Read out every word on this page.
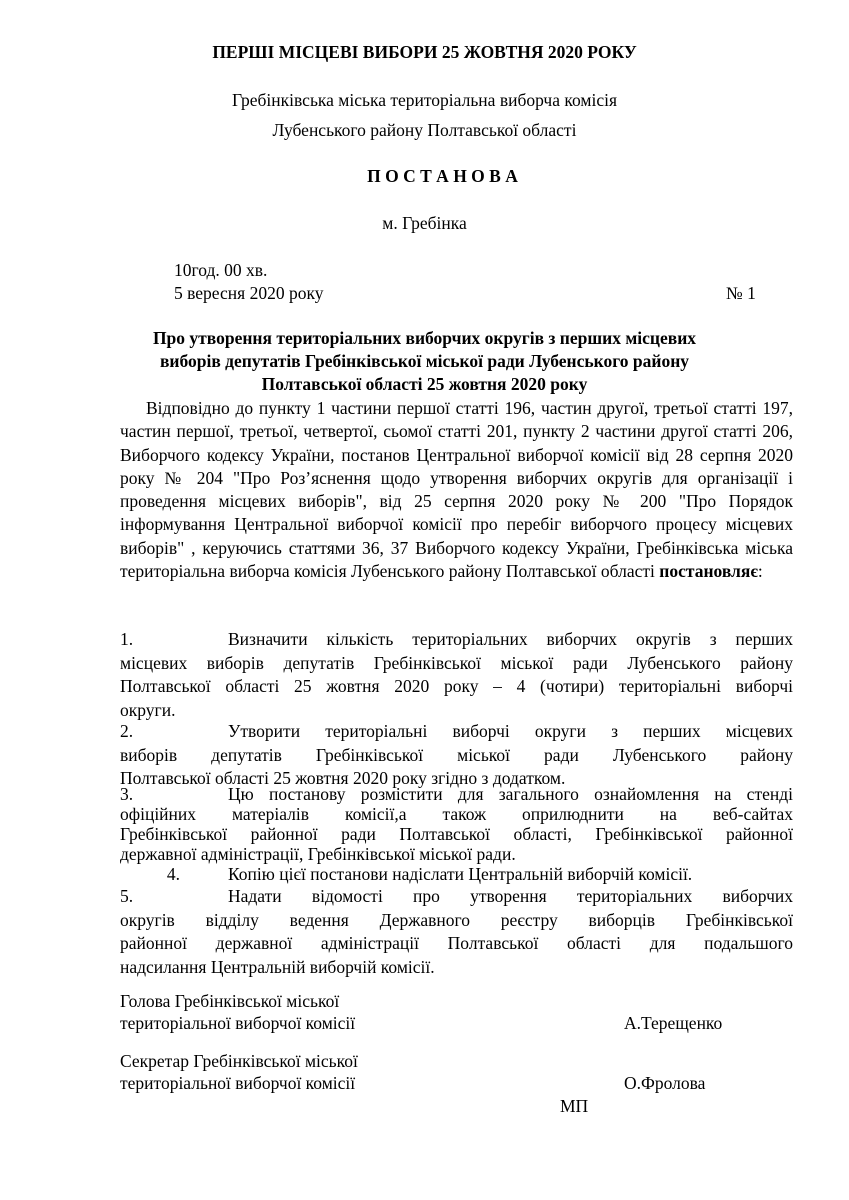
ПЕРШІ МІСЦЕВІ ВИБОРИ 25 ЖОВТНЯ 2020 РОКУ
Гребінківська міська територіальна виборча комісія
Лубенського району Полтавської області
П О С Т А Н О В А
м. Гребінка
10год. 00 хв.
5 вересня 2020 року	№ 1
Про утворення територіальних виборчих округів з перших місцевих
виборів депутатів Гребінківської міської ради Лубенського району
Полтавської області 25 жовтня 2020 року
Відповідно до пункту 1 частини першої статті 196, частин другої, третьої статті 197, частин першої, третьої, четвертої, сьомої статті 201, пункту 2 частини другої статті 206, Виборчого кодексу України, постанов Центральної виборчої комісії від 28 серпня 2020 року № 204 "Про Роз’яснення щодо утворення виборчих округів для організації і проведення місцевих виборів", від 25 серпня 2020 року № 200 "Про Порядок інформування Центральної виборчої комісії про перебіг виборчого процесу місцевих виборів" , керуючись статтями 36, 37 Виборчого кодексу України, Гребінківська міська територіальна виборча комісія Лубенського району Полтавської області постановляє:
1.	Визначити кількість територіальних виборчих округів з перших
місцевих виборів депутатів Гребінківської міської ради Лубенського району
Полтавської області 25 жовтня 2020 року – 4 (чотири) територіальні виборчі
округи.
2.	Утворити територіальні виборчі округи з перших місцевих
виборів депутатів Гребінківської міської ради Лубенського району
Полтавської області 25 жовтня 2020 року згідно з додатком.
3.	Цю постанову розмістити для загального ознайомлення на стенді
офіційних матеріалів комісії,а також оприлюднити на веб-сайтах
Гребінківської районної ради Полтавської області, Гребінківської районної
державної адміністрації, Гребінківської міської ради.
4.	Копію цієї постанови надіслати Центральній виборчій комісії.
5.	Надати відомості про утворення територіальних виборчих
округів відділу ведення Державного реєстру виборців Гребінківської
районної державної адміністрації Полтавської області для подальшого
надсилання Центральній виборчій комісії.
Голова Гребінківської міської
територіальної виборчої комісії	А.Терещенко
Секретар Гребінківської міської
територіальної виборчої комісії	О.Фролова
МП
